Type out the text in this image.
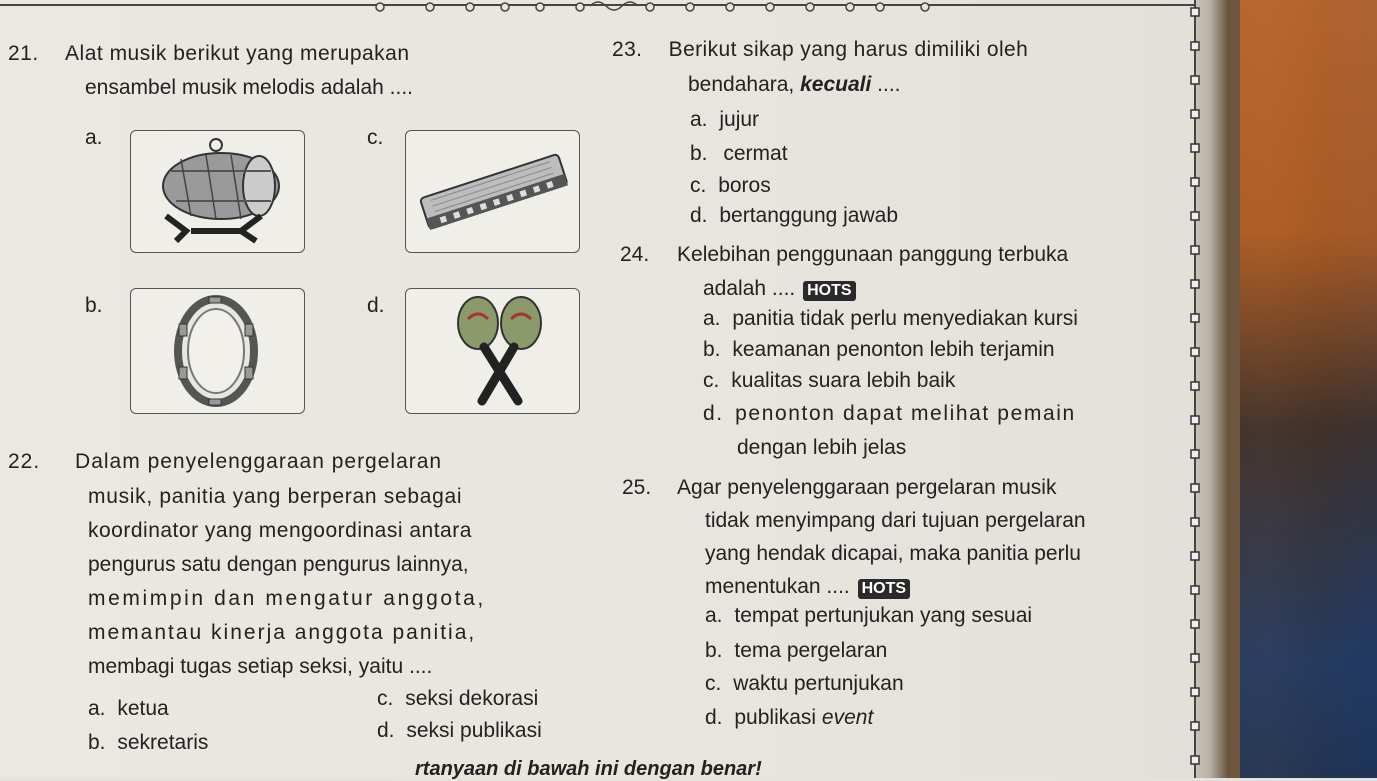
21. Alat musik berikut yang merupakan
ensambel musik melodis adalah ....
a.
b.
c.
d.
22. Dalam penyelenggaraan pergelaran
musik, panitia yang berperan sebagai
koordinator yang mengoordinasi antara
pengurus satu dengan pengurus lainnya,
memimpin dan mengatur anggota,
memantau kinerja anggota panitia,
membagi tugas setiap seksi, yaitu ....
a. ketua
b. sekretaris
c. seksi dekorasi
d. seksi publikasi
23. Berikut sikap yang harus dimiliki oleh
bendahara, kecuali ....
a. jujur
b. cermat
c. boros
d. bertanggung jawab
24. Kelebihan penggunaan panggung terbuka
adalah .... HOTS
a. panitia tidak perlu menyediakan kursi
b. keamanan penonton lebih terjamin
c. kualitas suara lebih baik
d. penonton dapat melihat pemain
dengan lebih jelas
25. Agar penyelenggaraan pergelaran musik
tidak menyimpang dari tujuan pergelaran
yang hendak dicapai, maka panitia perlu
menentukan .... HOTS
a. tempat pertunjukan yang sesuai
b. tema pergelaran
c. waktu pertunjukan
d. publikasi event
rtanyaan di bawah ini dengan benar!
